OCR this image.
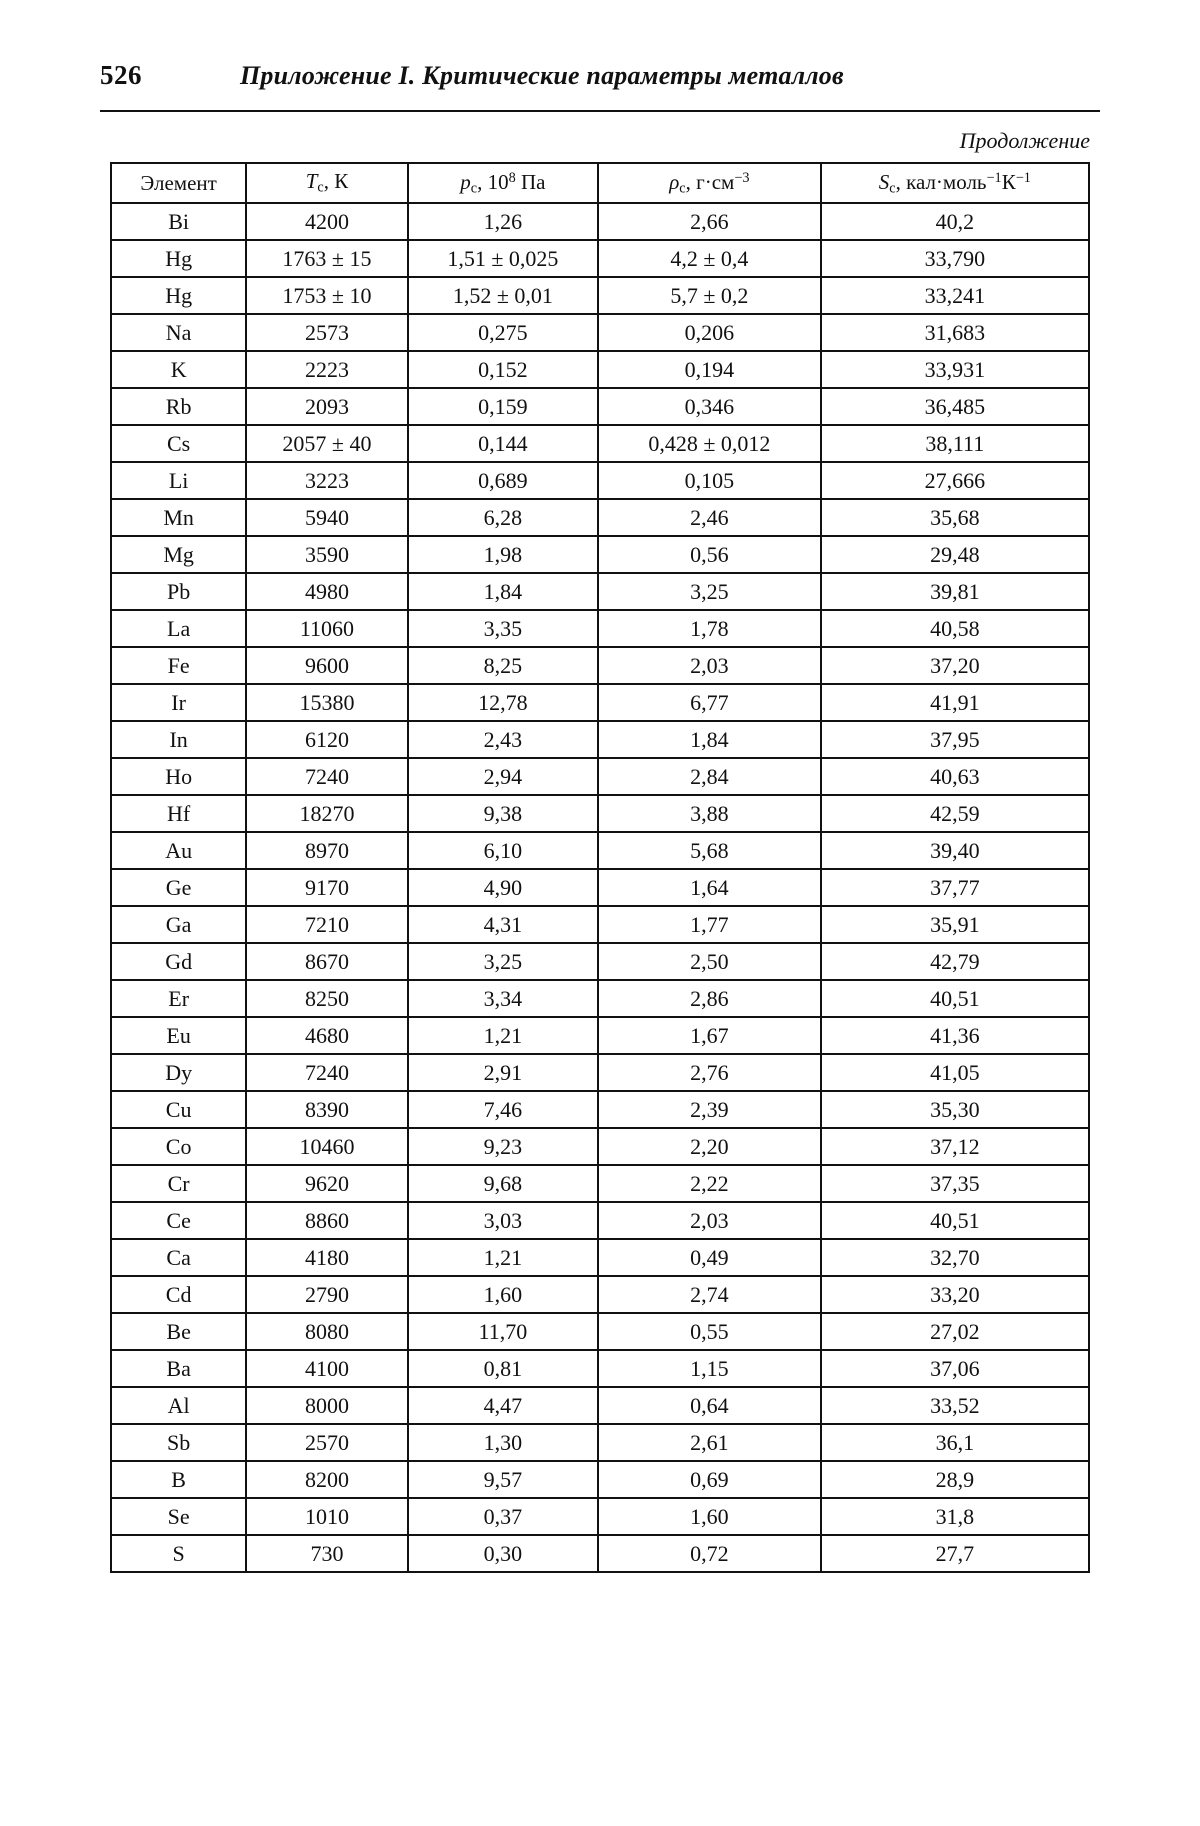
526	Приложение I. Критические параметры металлов
Продолжение
Элемент	$T_с$, К	$p_с$, $10^8$ Па	$\rho_с$, $г\cdot см^{-3}$	$S_с$, $кал\cdot моль^{-1}К^{-1}$
Bi	4200	1,26	2,66	40,2
Hg	1763 ± 15	1,51 ± 0,025	4,2 ± 0,4	33,790
Hg	1753 ± 10	1,52 ± 0,01	5,7 ± 0,2	33,241
Na	2573	0,275	0,206	31,683
K	2223	0,152	0,194	33,931
Rb	2093	0,159	0,346	36,485
Cs	2057 ± 40	0,144	0,428 ± 0,012	38,111
Li	3223	0,689	0,105	27,666
Mn	5940	6,28	2,46	35,68
Mg	3590	1,98	0,56	29,48
Pb	4980	1,84	3,25	39,81
La	11060	3,35	1,78	40,58
Fe	9600	8,25	2,03	37,20
Ir	15380	12,78	6,77	41,91
In	6120	2,43	1,84	37,95
Ho	7240	2,94	2,84	40,63
Hf	18270	9,38	3,88	42,59
Au	8970	6,10	5,68	39,40
Ge	9170	4,90	1,64	37,77
Ga	7210	4,31	1,77	35,91
Gd	8670	3,25	2,50	42,79
Er	8250	3,34	2,86	40,51
Eu	4680	1,21	1,67	41,36
Dy	7240	2,91	2,76	41,05
Cu	8390	7,46	2,39	35,30
Co	10460	9,23	2,20	37,12
Cr	9620	9,68	2,22	37,35
Ce	8860	3,03	2,03	40,51
Ca	4180	1,21	0,49	32,70
Cd	2790	1,60	2,74	33,20
Be	8080	11,70	0,55	27,02
Ba	4100	0,81	1,15	37,06
Al	8000	4,47	0,64	33,52
Sb	2570	1,30	2,61	36,1
B	8200	9,57	0,69	28,9
Se	1010	0,37	1,60	31,8
S	730	0,30	0,72	27,7
